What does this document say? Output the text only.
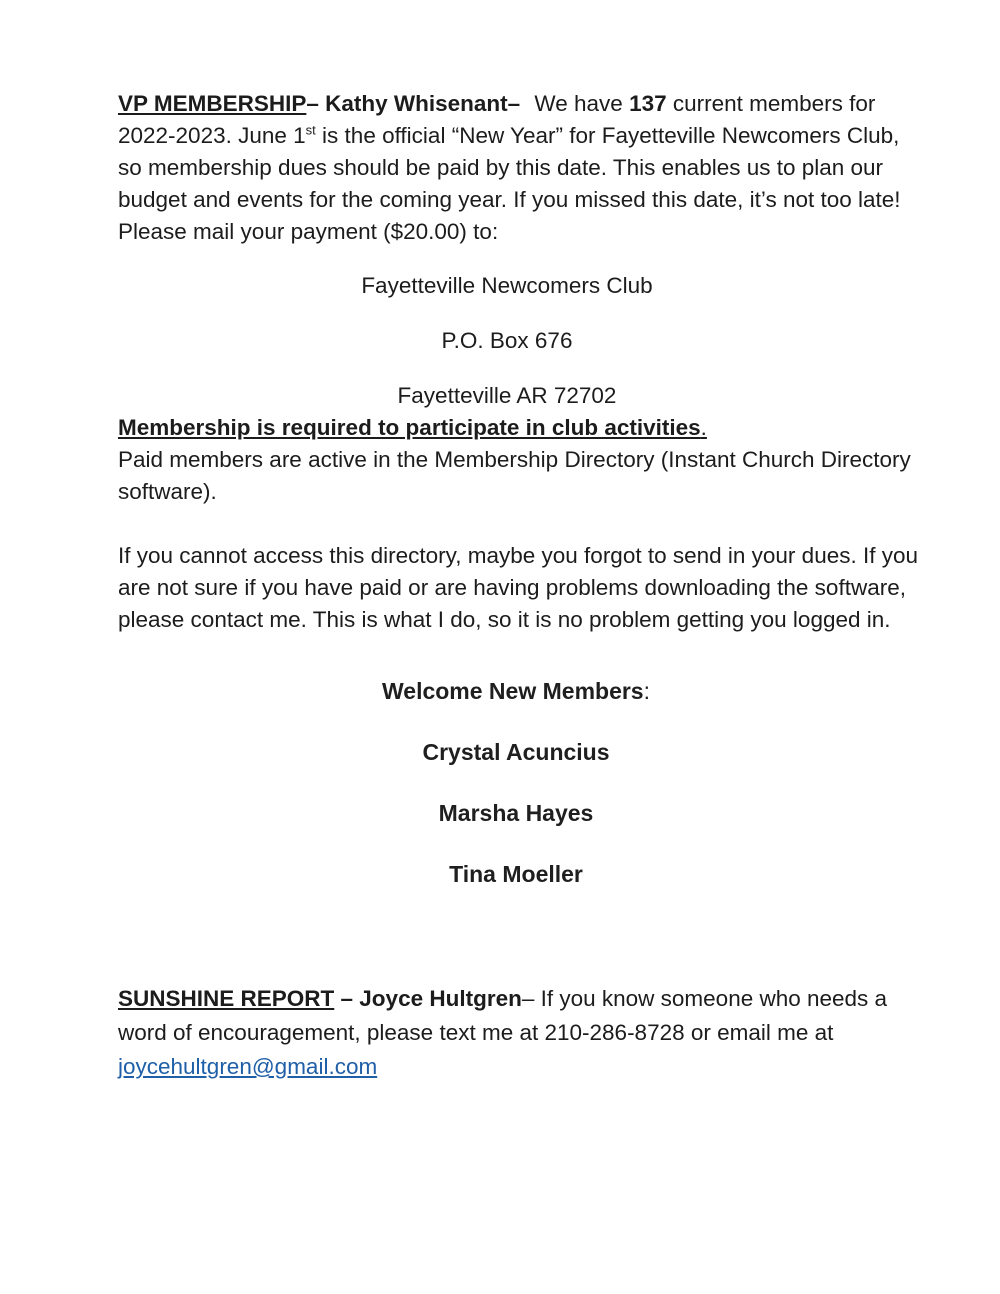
VP MEMBERSHIP– Kathy Whisenant– We have 137 current members for 2022-2023. June 1st is the official “New Year” for Fayetteville Newcomers Club, so membership dues should be paid by this date. This enables us to plan our budget and events for the coming year. If you missed this date, it’s not too late! Please mail your payment ($20.00) to:

Fayetteville Newcomers Club

P.O. Box 676

Fayetteville AR 72702

Membership is required to participate in club activities.

Paid members are active in the Membership Directory (Instant Church Directory software).

If you cannot access this directory, maybe you forgot to send in your dues. If you are not sure if you have paid or are having problems downloading the software, please contact me. This is what I do, so it is no problem getting you logged in.

Welcome New Members:

Crystal Acuncius

Marsha Hayes

Tina Moeller

SUNSHINE REPORT – Joyce Hultgren– If you know someone who needs a word of encouragement, please text me at 210-286-8728 or email me at joycehultgren@gmail.com
